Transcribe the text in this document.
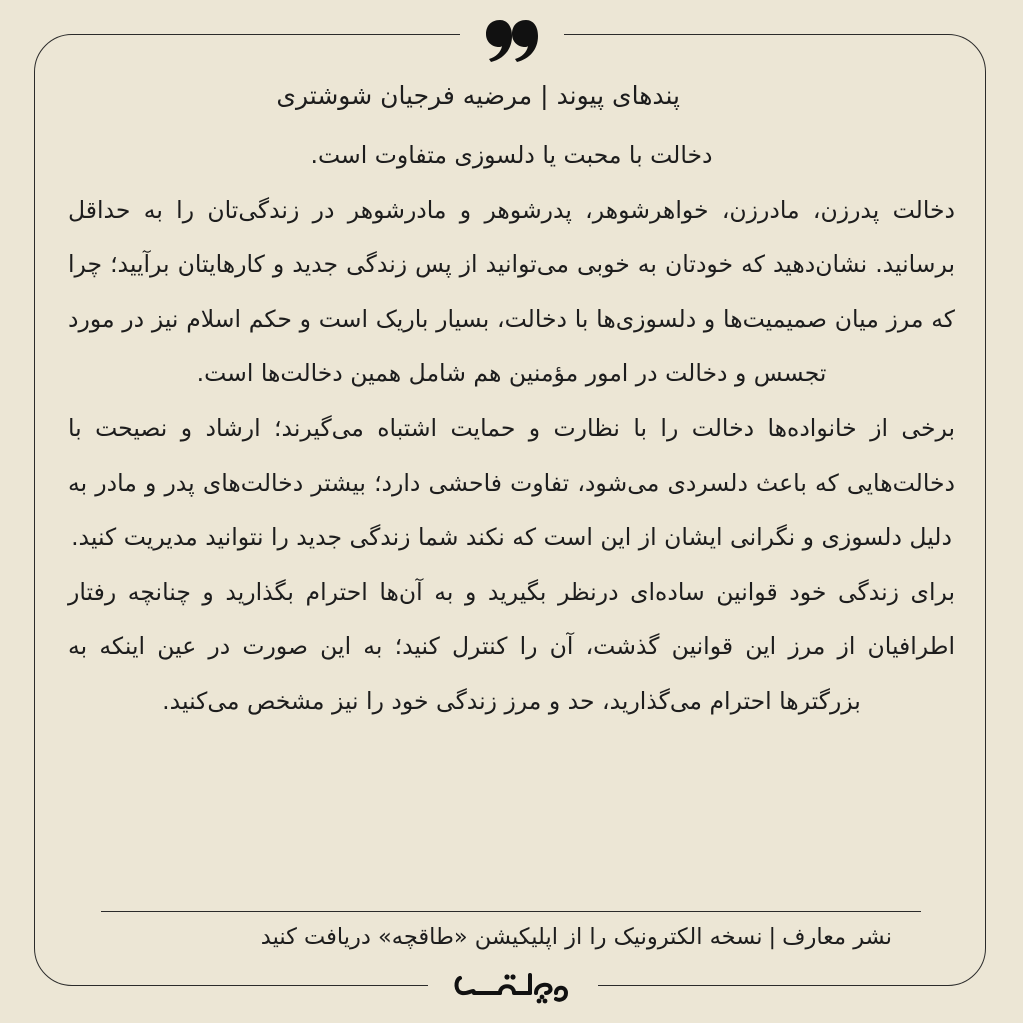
پندهای پیوند|مرضیه فرجیان شوشتری

دخالت با محبت یا دلسوزی متفاوت است.

دخالت پدرزن، مادرزن، خواهرشوهر، پدرشوهر و مادرشوهر در زندگی‌تان را به حداقل برسانید. نشان‌دهید که خودتان به خوبی می‌توانید از پس زندگی جدید و کارهایتان برآیید؛ چرا که مرز میان صمیمیت‌ها و دلسوزی‌ها با دخالت، بسیار باریک است و حکم اسلام نیز در مورد تجسس و دخالت در امور مؤمنین هم شامل همین دخالت‌ها است.

برخی از خانواده‌ها دخالت را با نظارت و حمایت اشتباه می‌گیرند؛ ارشاد و نصیحت با دخالت‌هایی که باعث دلسردی می‌شود، تفاوت فاحشی دارد؛ بیشتر دخالت‌های پدر و مادر به دلیل دلسوزی و نگرانی ایشان از این است که نکند شما زندگی جدید را نتوانید مدیریت کنید.

برای زندگی خود قوانین ساده‌ای درنظر بگیرید و به آن‌ها احترام بگذارید و چنانچه رفتار اطرافیان از مرز این قوانین گذشت، آن را کنترل کنید؛ به این صورت در عین اینکه به بزرگترها احترام می‌گذارید، حد و مرز زندگی خود را نیز مشخص می‌کنید.

نشر معارف|نسخه الکترونیک را از اپلیکیشن «طاقچه» دریافت کنید
